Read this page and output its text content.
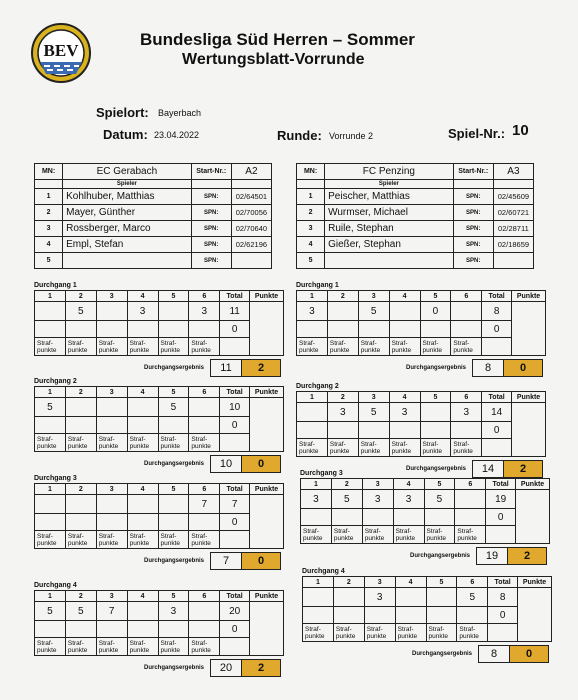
BEV
Bundesliga Süd Herren – Sommer
Wertungsblatt-Vorrunde
Spielort: Bayerbach
Datum: 23.04.2022	Runde: Vorrunde 2	Spiel-Nr.: 10
MN:	EC Gerabach	Start-Nr.:	A2
	Spieler		
1	Kohlhuber, Matthias	SPN:	02/64501
2	Mayer, Günther	SPN:	02/70056
3	Rossberger, Marco	SPN:	02/70640
4	Empl, Stefan	SPN:	02/62196
5		SPN:	
Durchgang 1
1	2	3	4	5	6	Total	Punkte
	5		3		3	11	
						0	

Straf-
punkte	Straf-
punkte	Straf-
punkte	Straf-
punkte	Straf-
punkte	Straf-
punkte		

Durchgangsergebnis	11	2
Durchgang 2
1	2	3	4	5	6	Total	Punkte
5				5		10	
						0	

Straf-
punkte	Straf-
punkte	Straf-
punkte	Straf-
punkte	Straf-
punkte	Straf-
punkte		

Durchgangsergebnis	10	0
Durchgang 3
1	2	3	4	5	6	Total	Punkte
					7	7	
						0	

Straf-
punkte	Straf-
punkte	Straf-
punkte	Straf-
punkte	Straf-
punkte	Straf-
punkte		

Durchgangsergebnis	7	0
Durchgang 4
1	2	3	4	5	6	Total	Punkte
5	5	7		3		20	
						0	

Straf-
punkte	Straf-
punkte	Straf-
punkte	Straf-
punkte	Straf-
punkte	Straf-
punkte		

Durchgangsergebnis	20	2
MN:	FC Penzing	Start-Nr.:	A3
	Spieler		
1	Peischer, Matthias	SPN:	02/45609
2	Wurmser, Michael	SPN:	02/60721
3	Ruile, Stephan	SPN:	02/28711
4	Gießer, Stephan	SPN:	02/18659
5		SPN:	
Durchgang 1
1	2	3	4	5	6	Total	Punkte
3		5		0		8	
						0	

Straf-
punkte	Straf-
punkte	Straf-
punkte	Straf-
punkte	Straf-
punkte	Straf-
punkte		

Durchgangsergebnis	8	0
Durchgang 2
1	2	3	4	5	6	Total	Punkte
	3	5	3		3	14	
						0	

Straf-
punkte	Straf-
punkte	Straf-
punkte	Straf-
punkte	Straf-
punkte	Straf-
punkte		

Durchgangsergebnis	14	2
Durchgang 3
1	2	3	4	5	6	Total	Punkte
3	5	3	3	5		19	
						0	

Straf-
punkte	Straf-
punkte	Straf-
punkte	Straf-
punkte	Straf-
punkte	Straf-
punkte		

Durchgangsergebnis	19	2
Durchgang 4
1	2	3	4	5	6	Total	Punkte
		3			5	8	
						0	

Straf-
punkte	Straf-
punkte	Straf-
punkte	Straf-
punkte	Straf-
punkte	Straf-
punkte		

Durchgangsergebnis	8	0
